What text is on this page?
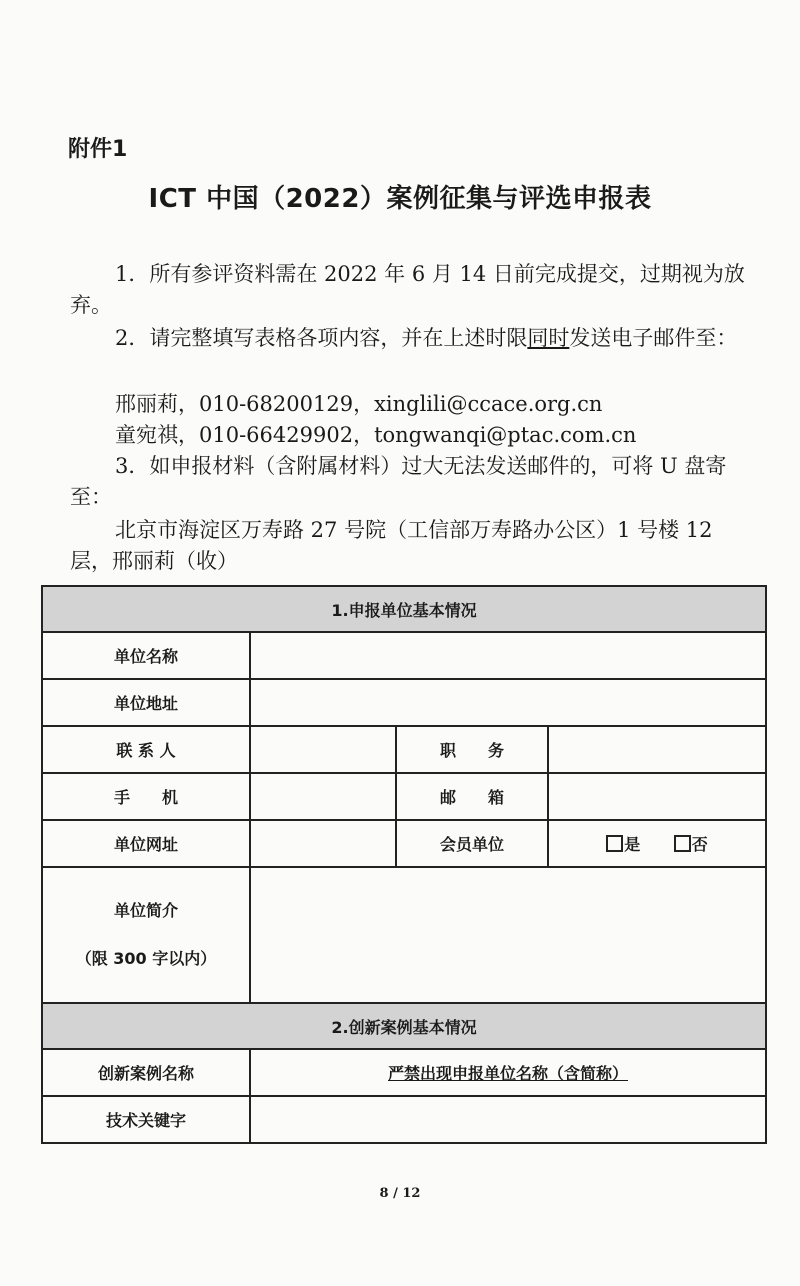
附件1
ICT 中国（2022）案例征集与评选申报表
1．所有参评资料需在 2022 年 6 月 14 日前完成提交，过期视为放弃。
2．请完整填写表格各项内容，并在上述时限同时发送电子邮件至：
邢丽莉，010-68200129，xinglili@ccace.org.cn
童宛祺，010-66429902，tongwanqi@ptac.com.cn
3．如申报材料（含附属材料）过大无法发送邮件的，可将 U 盘寄至：
北京市海淀区万寿路 27 号院（工信部万寿路办公区）1 号楼 12 层，邢丽莉（收）
1.申报单位基本情况			
单位名称			
单位地址			
联 系 人		职　　务	
手　　机		邮　　箱	
单位网址		会员单位	是 否

单位简介
（限 300 字以内）			

2.创新案例基本情况			
创新案例名称	严禁出现申报单位名称（含简称）		
技术关键字			
8 / 12
